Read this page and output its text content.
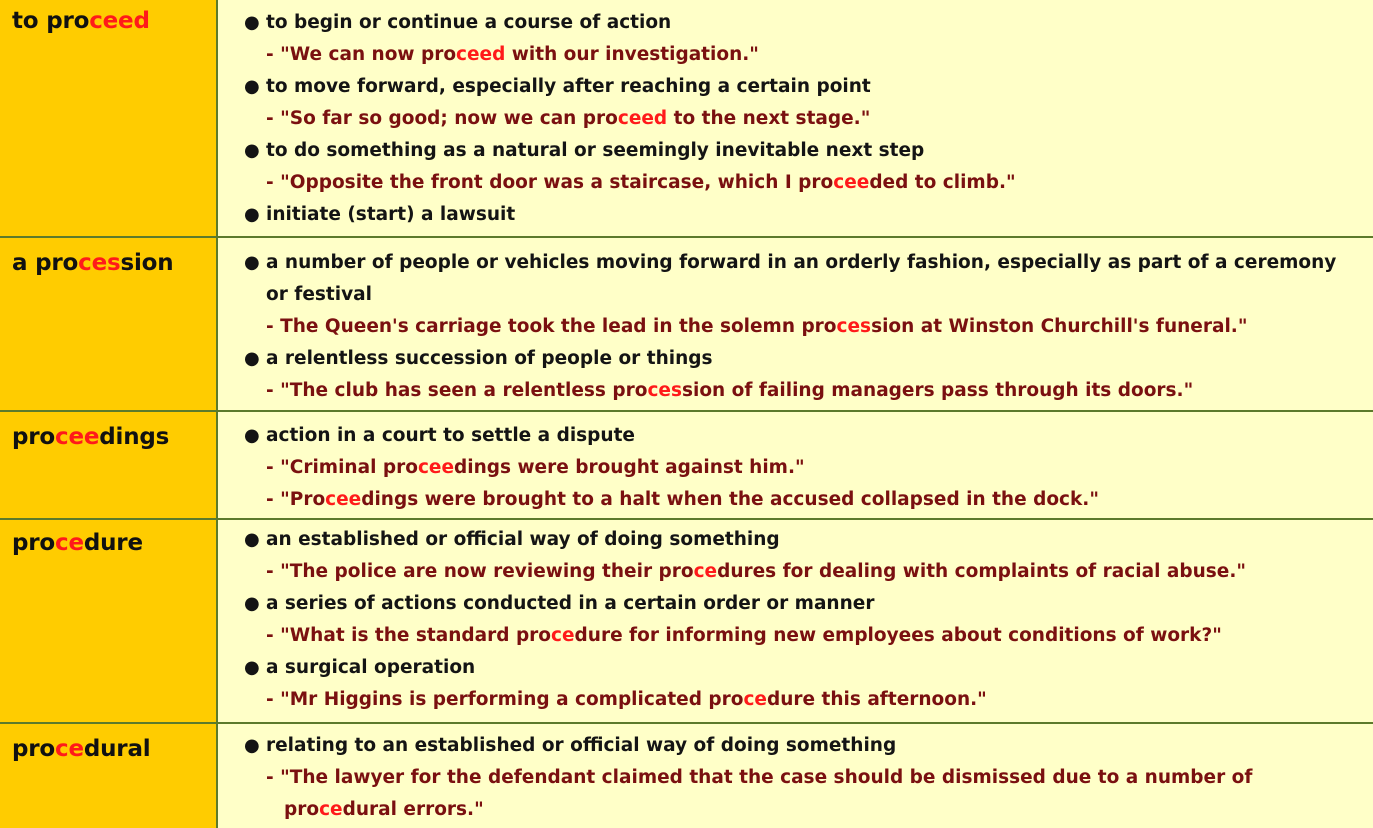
to proceed	● to begin or continue a course of action
- "We can now proceed with our investigation."
● to move forward, especially after reaching a certain point
- "So far so good; now we can proceed to the next stage."
● to do something as a natural or seemingly inevitable next step
- "Opposite the front door was a staircase, which I proceeded to climb."
● initiate (start) a lawsuit
a procession	● a number of people or vehicles moving forward in an orderly fashion, especially as part of a ceremony
or festival
- The Queen's carriage took the lead in the solemn procession at Winston Churchill's funeral."
● a relentless succession of people or things
- "The club has seen a relentless procession of failing managers pass through its doors."
proceedings	● action in a court to settle a dispute
- "Criminal proceedings were brought against him."
- "Proceedings were brought to a halt when the accused collapsed in the dock."
procedure	● an established or official way of doing something
- "The police are now reviewing their procedures for dealing with complaints of racial abuse."
● a series of actions conducted in a certain order or manner
- "What is the standard procedure for informing new employees about conditions of work?"
● a surgical operation
- "Mr Higgins is performing a complicated procedure this afternoon."
procedural	● relating to an established or official way of doing something
- "The lawyer for the defendant claimed that the case should be dismissed due to a number of
procedural errors."
